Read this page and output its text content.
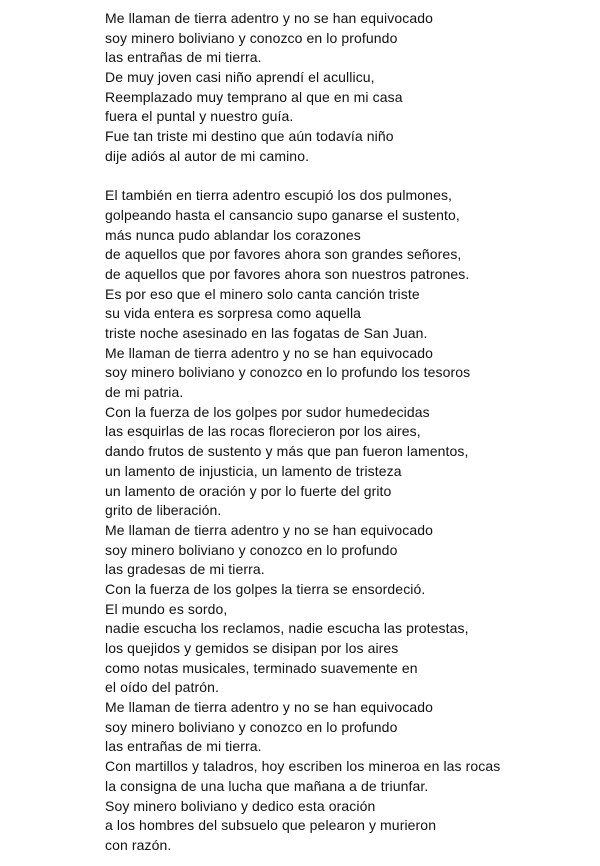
Me llaman de tierra adentro y no se han equivocado
soy minero boliviano y conozco en lo profundo
las entrañas de mi tierra.
De muy joven casi niño aprendí el acullicu,
Reemplazado muy temprano al que en mi casa
fuera el puntal y nuestro guía.
Fue tan triste mi destino que aún todavía niño
dije adiós al autor de mi camino.
El también en tierra adentro escupió los dos pulmones,
golpeando hasta el cansancio supo ganarse el sustento,
más nunca pudo ablandar los corazones
de aquellos que por favores ahora son grandes señores,
de aquellos que por favores ahora son nuestros patrones.
Es por eso que el minero solo canta canción triste
su vida entera es sorpresa como aquella
triste noche asesinado en las fogatas de San Juan.
Me llaman de tierra adentro y no se han equivocado
soy minero boliviano y conozco en lo profundo los tesoros
de mi patria.
Con la fuerza de los golpes por sudor humedecidas
las esquirlas de las rocas florecieron por los aires,
dando frutos de sustento y más que pan fueron lamentos,
un lamento de injusticia, un lamento de tristeza
un lamento de oración y por lo fuerte del grito
grito de liberación.
Me llaman de tierra adentro y no se han equivocado
soy minero boliviano y conozco en lo profundo
las gradesas de mi tierra.
Con la fuerza de los golpes la tierra se ensordeció.
El mundo es sordo,
nadie escucha los reclamos, nadie escucha las protestas,
los quejidos y gemidos se disipan por los aires
como notas musicales, terminado suavemente en
el oído del patrón.
Me llaman de tierra adentro y no se han equivocado
soy minero boliviano y conozco en lo profundo
las entrañas de mi tierra.
Con martillos y taladros, hoy escriben los mineroa en las rocas
la consigna de una lucha que mañana a de triunfar.
Soy minero boliviano y dedico esta oración
a los hombres del subsuelo que pelearon y murieron
con razón.
